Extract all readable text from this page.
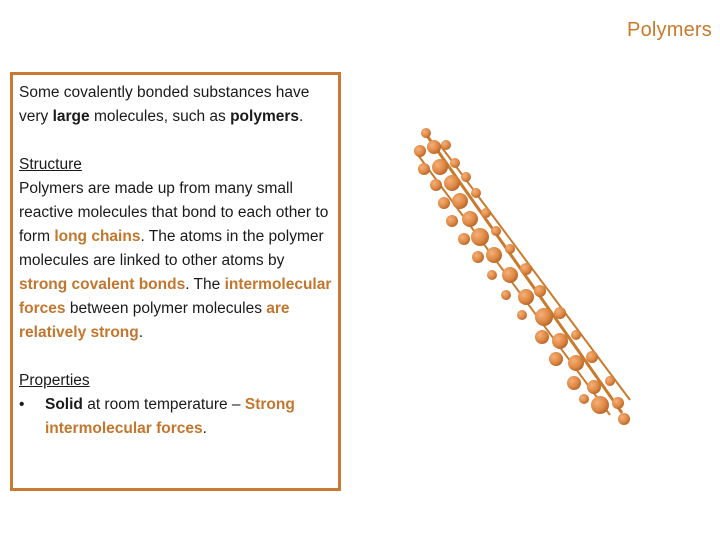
Polymers

Some covalently bonded substances have very large molecules, such as polymers.

Structure

Polymers are made up from many small reactive molecules that bond to each other to form long chains. The atoms in the polymer molecules are linked to other atoms by strong covalent bonds. The intermolecular forces between polymer molecules are relatively strong.

Properties

•	Solid at room temperature – Strong intermolecular forces.
